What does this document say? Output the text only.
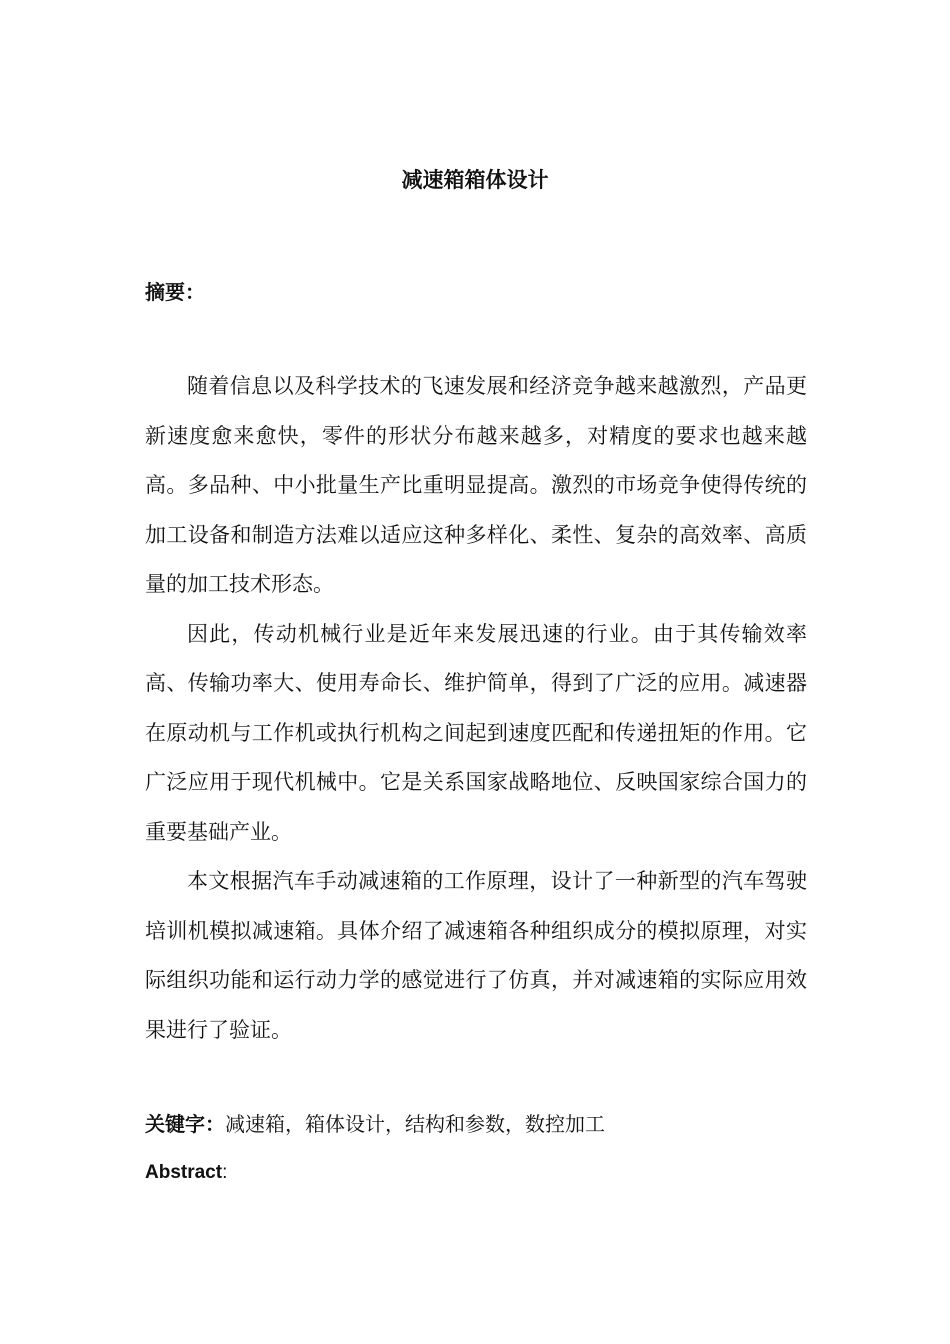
减速箱箱体设计
摘要：

随着信息以及科学技术的飞速发展和经济竞争越来越激烈，产品更新速度愈来愈快，零件的形状分布越来越多，对精度的要求也越来越高。多品种、中小批量生产比重明显提高。激烈的市场竞争使得传统的加工设备和制造方法难以适应这种多样化、柔性、复杂的高效率、高质量的加工技术形态。

因此，传动机械行业是近年来发展迅速的行业。由于其传输效率高、传输功率大、使用寿命长、维护简单，得到了广泛的应用。减速器在原动机与工作机或执行机构之间起到速度匹配和传递扭矩的作用。它广泛应用于现代机械中。它是关系国家战略地位、反映国家综合国力的重要基础产业。

本文根据汽车手动减速箱的工作原理，设计了一种新型的汽车驾驶培训机模拟减速箱。具体介绍了减速箱各种组织成分的模拟原理，对实际组织功能和运行动力学的感觉进行了仿真，并对减速箱的实际应用效果进行了验证。

关键字：减速箱，箱体设计，结构和参数，数控加工
Abstract:
